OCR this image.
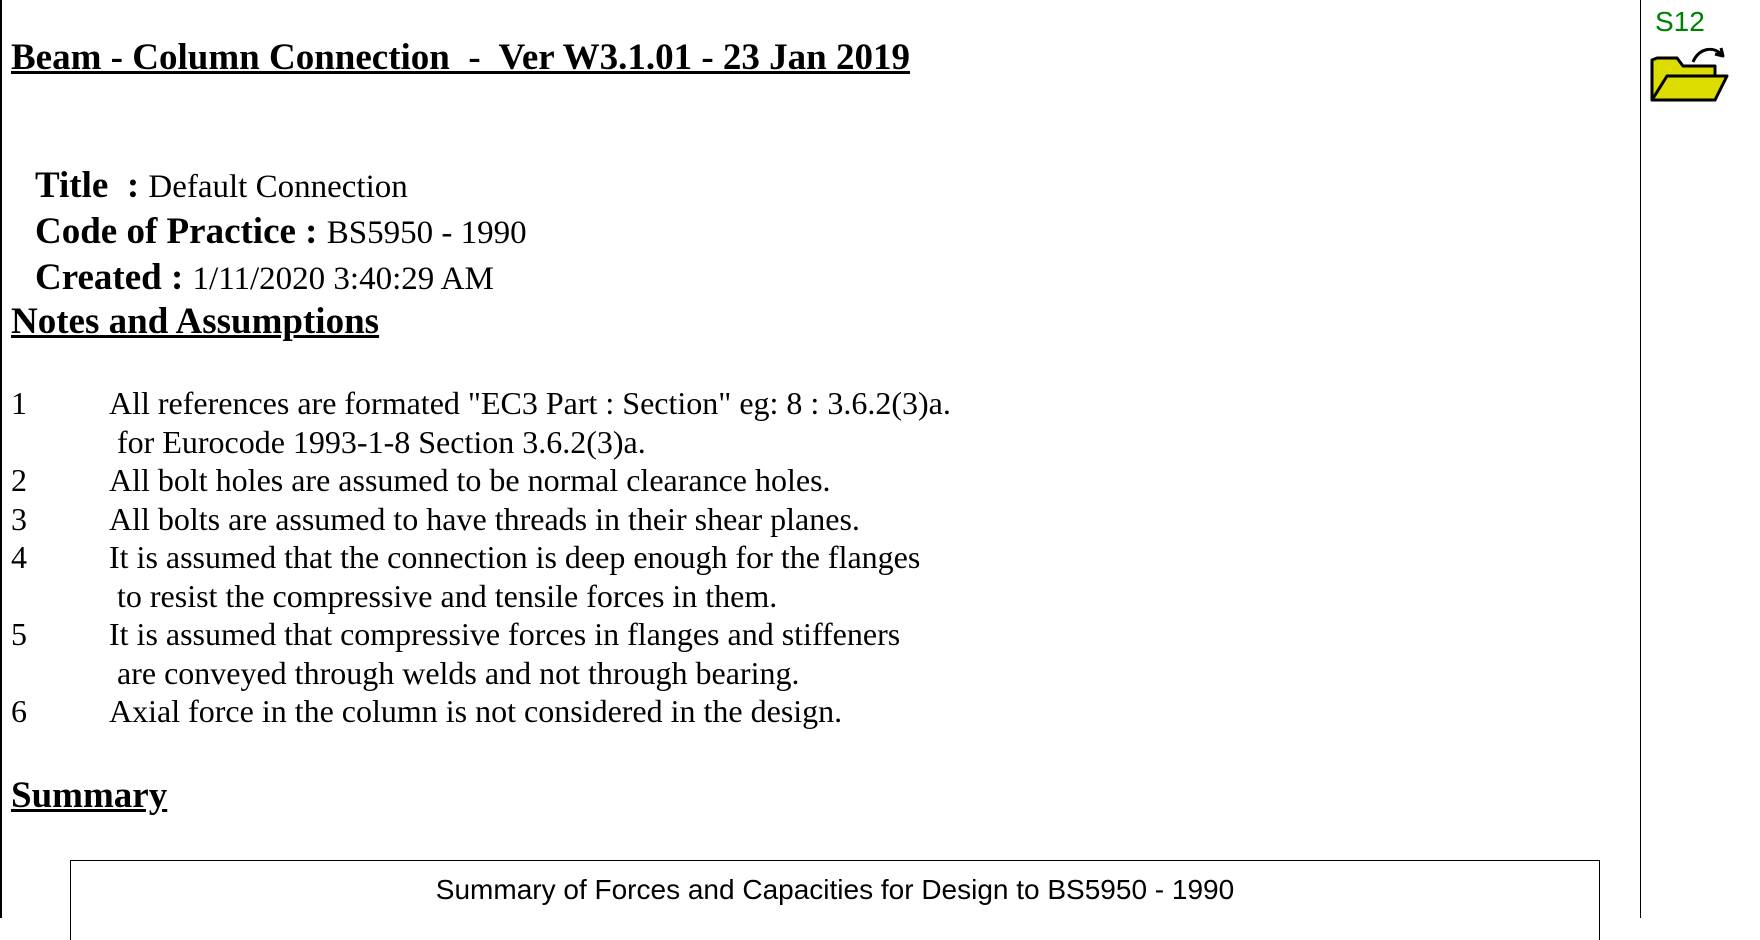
Beam - Column Connection  -  Ver W3.1.01 - 23 Jan 2019

Title  : Default Connection

Code of Practice : BS5950 - 1990

Created : 1/11/2020 3:40:29 AM

Notes and Assumptions
1	All references are formated "EC3 Part : Section" eg: 8 : 3.6.2(3)a.
for Eurocode 1993-1-8 Section 3.6.2(3)a.
2	All bolt holes are assumed to be normal clearance holes.
3	All bolts are assumed to have threads in their shear planes.
4	It is assumed that the connection is deep enough for the flanges
to resist the compressive and tensile forces in them.
5	It is assumed that compressive forces in flanges and stiffeners
are conveyed through welds and not through bearing.
6	Axial force in the column is not considered in the design.
Summary
Summary of Forces and Capacities for Design to BS5950 - 1990
S12
